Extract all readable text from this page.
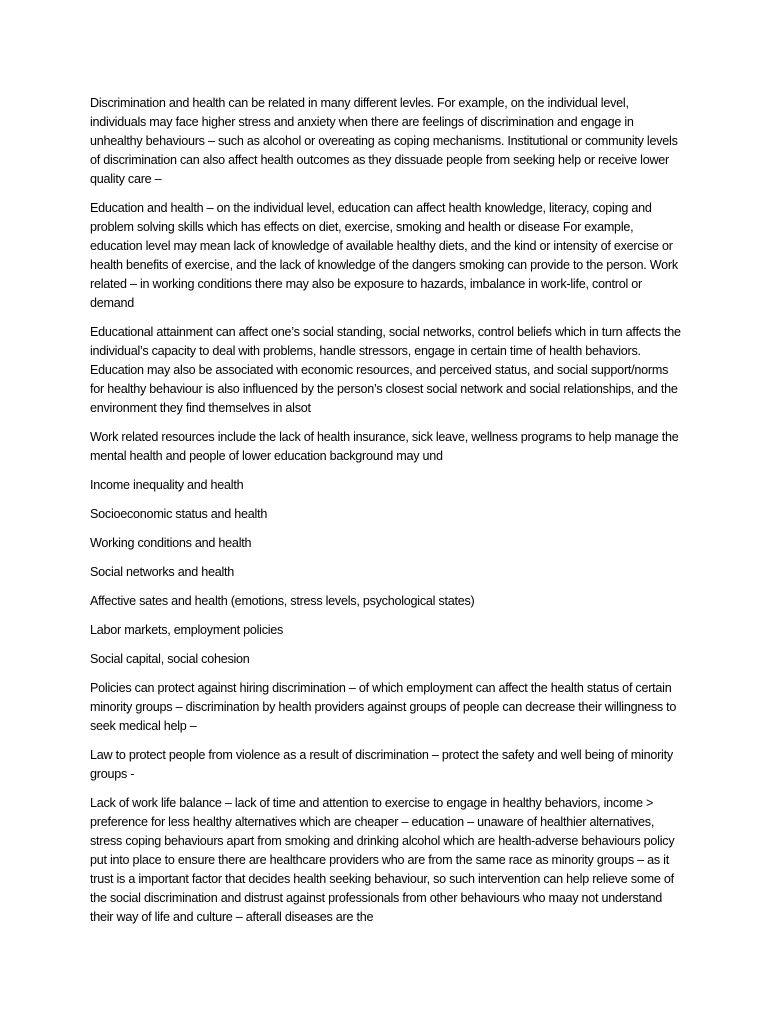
Discrimination and health can be related in many different levles. For example, on the individual level, individuals may face higher stress and anxiety when there are feelings of discrimination and engage in unhealthy behaviours – such as alcohol or overeating as coping mechanisms. Institutional or community levels of discrimination can also affect health outcomes as they dissuade people from seeking help or receive lower quality care –

Education and health – on the individual level, education can affect health knowledge, literacy, coping and problem solving skills which has effects on diet, exercise, smoking and health or disease For example, education level may mean lack of knowledge of available healthy diets, and the kind or intensity of exercise or health benefits of exercise, and the lack of knowledge of the dangers smoking can provide to the person. Work related – in working conditions there may also be exposure to hazards, imbalance in work-life, control or demand

Educational attainment can affect one’s social standing, social networks, control beliefs which in turn affects the individual’s capacity to deal with problems, handle stressors, engage in certain time of health behaviors. Education may also be associated with economic resources, and perceived status, and social support/norms for healthy behaviour is also influenced by the person’s closest social network and social relationships, and the environment they find themselves in alsot

Work related resources include the lack of health insurance, sick leave, wellness programs to help manage the mental health and people of lower education background may und

Income inequality and health

Socioeconomic status and health

Working conditions and health

Social networks and health

Affective sates and health (emotions, stress levels, psychological states)

Labor markets, employment policies

Social capital, social cohesion

Policies can protect against hiring discrimination – of which employment can affect the health status of certain minority groups – discrimination by health providers against groups of people can decrease their willingness to seek medical help –

Law to protect people from violence as a result of discrimination – protect the safety and well being of minority groups -

Lack of work life balance – lack of time and attention to exercise to engage in healthy behaviors, income > preference for less healthy alternatives which are cheaper – education – unaware of healthier alternatives, stress coping behaviours apart from smoking and drinking alcohol which are health-adverse behaviours policy put into place to ensure there are healthcare providers who are from the same race as minority groups – as it trust is a important factor that decides health seeking behaviour, so such intervention can help relieve some of the social discrimination and distrust against professionals from other behaviours who maay not understand their way of life and culture – afterall diseases are the
